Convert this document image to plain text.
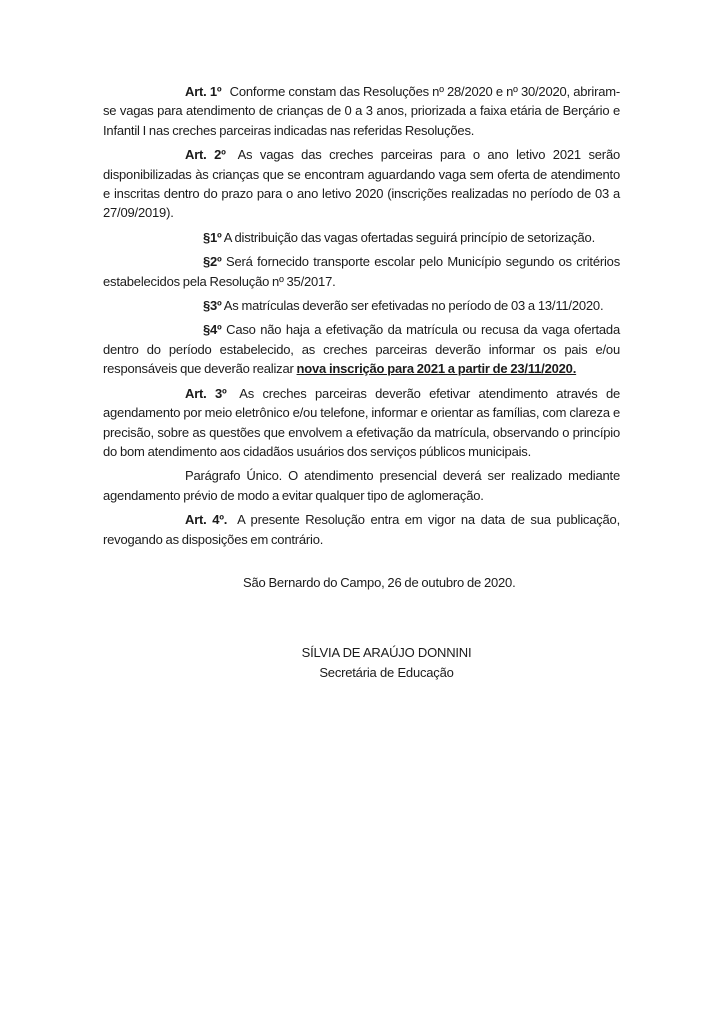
Art. 1º Conforme constam das Resoluções nº 28/2020 e nº 30/2020, abriram-se vagas para atendimento de crianças de 0 a 3 anos, priorizada a faixa etária de Berçário e Infantil I nas creches parceiras indicadas nas referidas Resoluções.

Art. 2º As vagas das creches parceiras para o ano letivo 2021 serão disponibilizadas às crianças que se encontram aguardando vaga sem oferta de atendimento e inscritas dentro do prazo para o ano letivo 2020 (inscrições realizadas no período de 03 a 27/09/2019).

§1º A distribuição das vagas ofertadas seguirá princípio de setorização.

§2º Será fornecido transporte escolar pelo Município segundo os critérios estabelecidos pela Resolução nº 35/2017.

§3º As matrículas deverão ser efetivadas no período de 03 a 13/11/2020.

§4º Caso não haja a efetivação da matrícula ou recusa da vaga ofertada dentro do período estabelecido, as creches parceiras deverão informar os pais e/ou responsáveis que deverão realizar nova inscrição para 2021 a partir de 23/11/2020.

Art. 3º As creches parceiras deverão efetivar atendimento através de agendamento por meio eletrônico e/ou telefone, informar e orientar as famílias, com clareza e precisão, sobre as questões que envolvem a efetivação da matrícula, observando o princípio do bom atendimento aos cidadãos usuários dos serviços públicos municipais.

Parágrafo Único. O atendimento presencial deverá ser realizado mediante agendamento prévio de modo a evitar qualquer tipo de aglomeração.

Art. 4º. A presente Resolução entra em vigor na data de sua publicação, revogando as disposições em contrário.

São Bernardo do Campo, 26 de outubro de 2020.

SÍLVIA DE ARAÚJO DONNINI
Secretária de Educação
